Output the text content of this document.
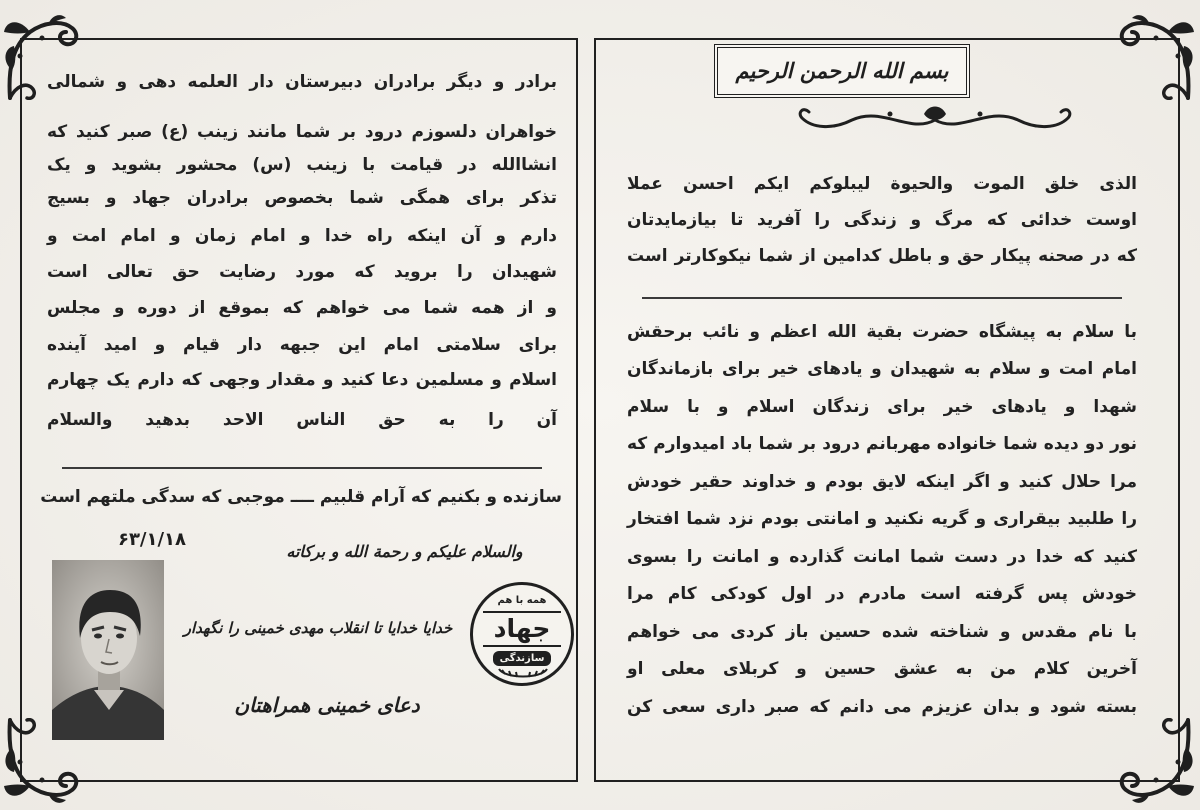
بسم الله الرحمن الرحیم
الذی خلق الموت والحیوة لیبلوکم ایکم احسن عملا
اوست خدائی که مرگ و زندگی را آفرید تا بیازمایدتان
که در صحنه پیکار حق و باطل کدامین از شما نیکوکارتر است
با سلام به پیشگاه حضرت بقیة الله اعظم و نائب برحقش
امام امت و سلام به شهیدان و یادهای خیر برای بازماندگان
شهدا و یادهای خیر برای زندگان اسلام و با سلام
نور دو دیده شما خانواده مهربانم درود بر شما باد امیدوارم که
مرا حلال کنید و اگر اینکه لایق بودم و خداوند حقیر خودش
را طلبید بیقراری و گریه نکنید و امانتی بودم نزد شما افتخار
کنید که خدا در دست شما امانت گذارده و امانت را بسوی
خودش پس گرفته است مادرم در اول کودکی کام مرا
با نام مقدس و شناخته شده حسین باز کردی می خواهم
آخرین کلام من به عشق حسین و کربلای معلی او
بسته شود و بدان عزیزم می دانم که صبر داری سعی کن
برادر و دیگر برادران دبیرستان دار العلمه دهی و شمالی
خواهران دلسوزم درود بر شما مانند زینب (ع) صبر کنید که
انشاالله در قیامت با زینب (س) محشور بشوید و یک
تذکر برای همگی شما بخصوص برادران جهاد و بسیج
دارم و آن اینکه راه خدا و امام زمان و امام امت و
شهیدان را بروید که مورد رضایت حق تعالی است
و از همه شما می خواهم که بموقع از دوره و مجلس
برای سلامتی امام این جبهه دار قیام و امید آینده
اسلام و مسلمین دعا کنید و مقدار وجهی که دارم یک چهارم
آن را به حق الناس الاحد بدهید والسلام
سازنده و بکنیم که آرام قلبیم ــــ موجبی که سدگی ملتهم است
۶۳/۱/۱۸
والسلام علیکم و رحمة الله و برکاته
خدایا خدایا تا انقلاب مهدی خمینی را نگهدار
همه با هم
جهاد
سازندگی
دعای خمینی همراهتان
